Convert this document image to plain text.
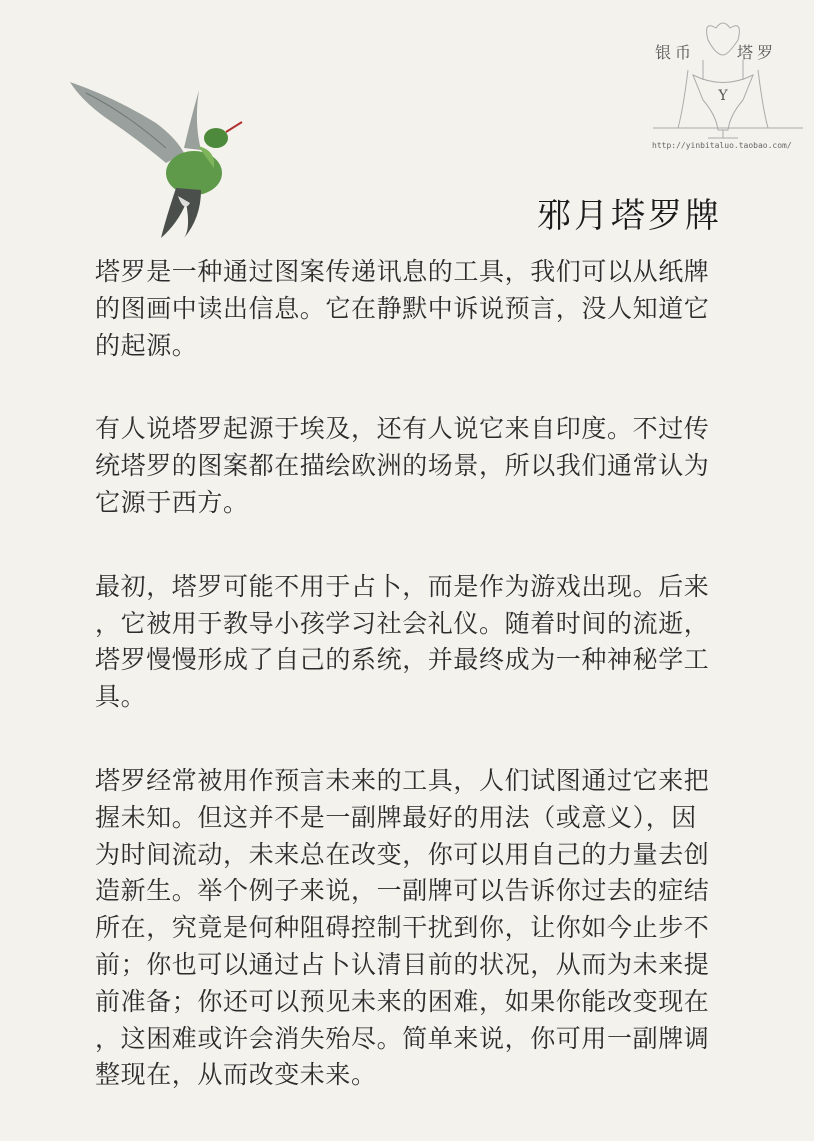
Y
银币	塔罗
http://yinbitaluo.taobao.com/
邪月塔罗牌
塔罗是一种通过图案传递讯息的工具，我们可以从纸牌
的图画中读出信息。它在静默中诉说预言，没人知道它
的起源。
有人说塔罗起源于埃及，还有人说它来自印度。不过传
统塔罗的图案都在描绘欧洲的场景，所以我们通常认为
它源于西方。
最初，塔罗可能不用于占卜，而是作为游戏出现。后来
，它被用于教导小孩学习社会礼仪。随着时间的流逝，
塔罗慢慢形成了自己的系统，并最终成为一种神秘学工
具。
塔罗经常被用作预言未来的工具，人们试图通过它来把
握未知。但这并不是一副牌最好的用法（或意义），因
为时间流动，未来总在改变，你可以用自己的力量去创
造新生。举个例子来说，一副牌可以告诉你过去的症结
所在，究竟是何种阻碍控制干扰到你，让你如今止步不
前；你也可以通过占卜认清目前的状况，从而为未来提
前准备；你还可以预见未来的困难，如果你能改变现在
，这困难或许会消失殆尽。简单来说，你可用一副牌调
整现在，从而改变未来。
